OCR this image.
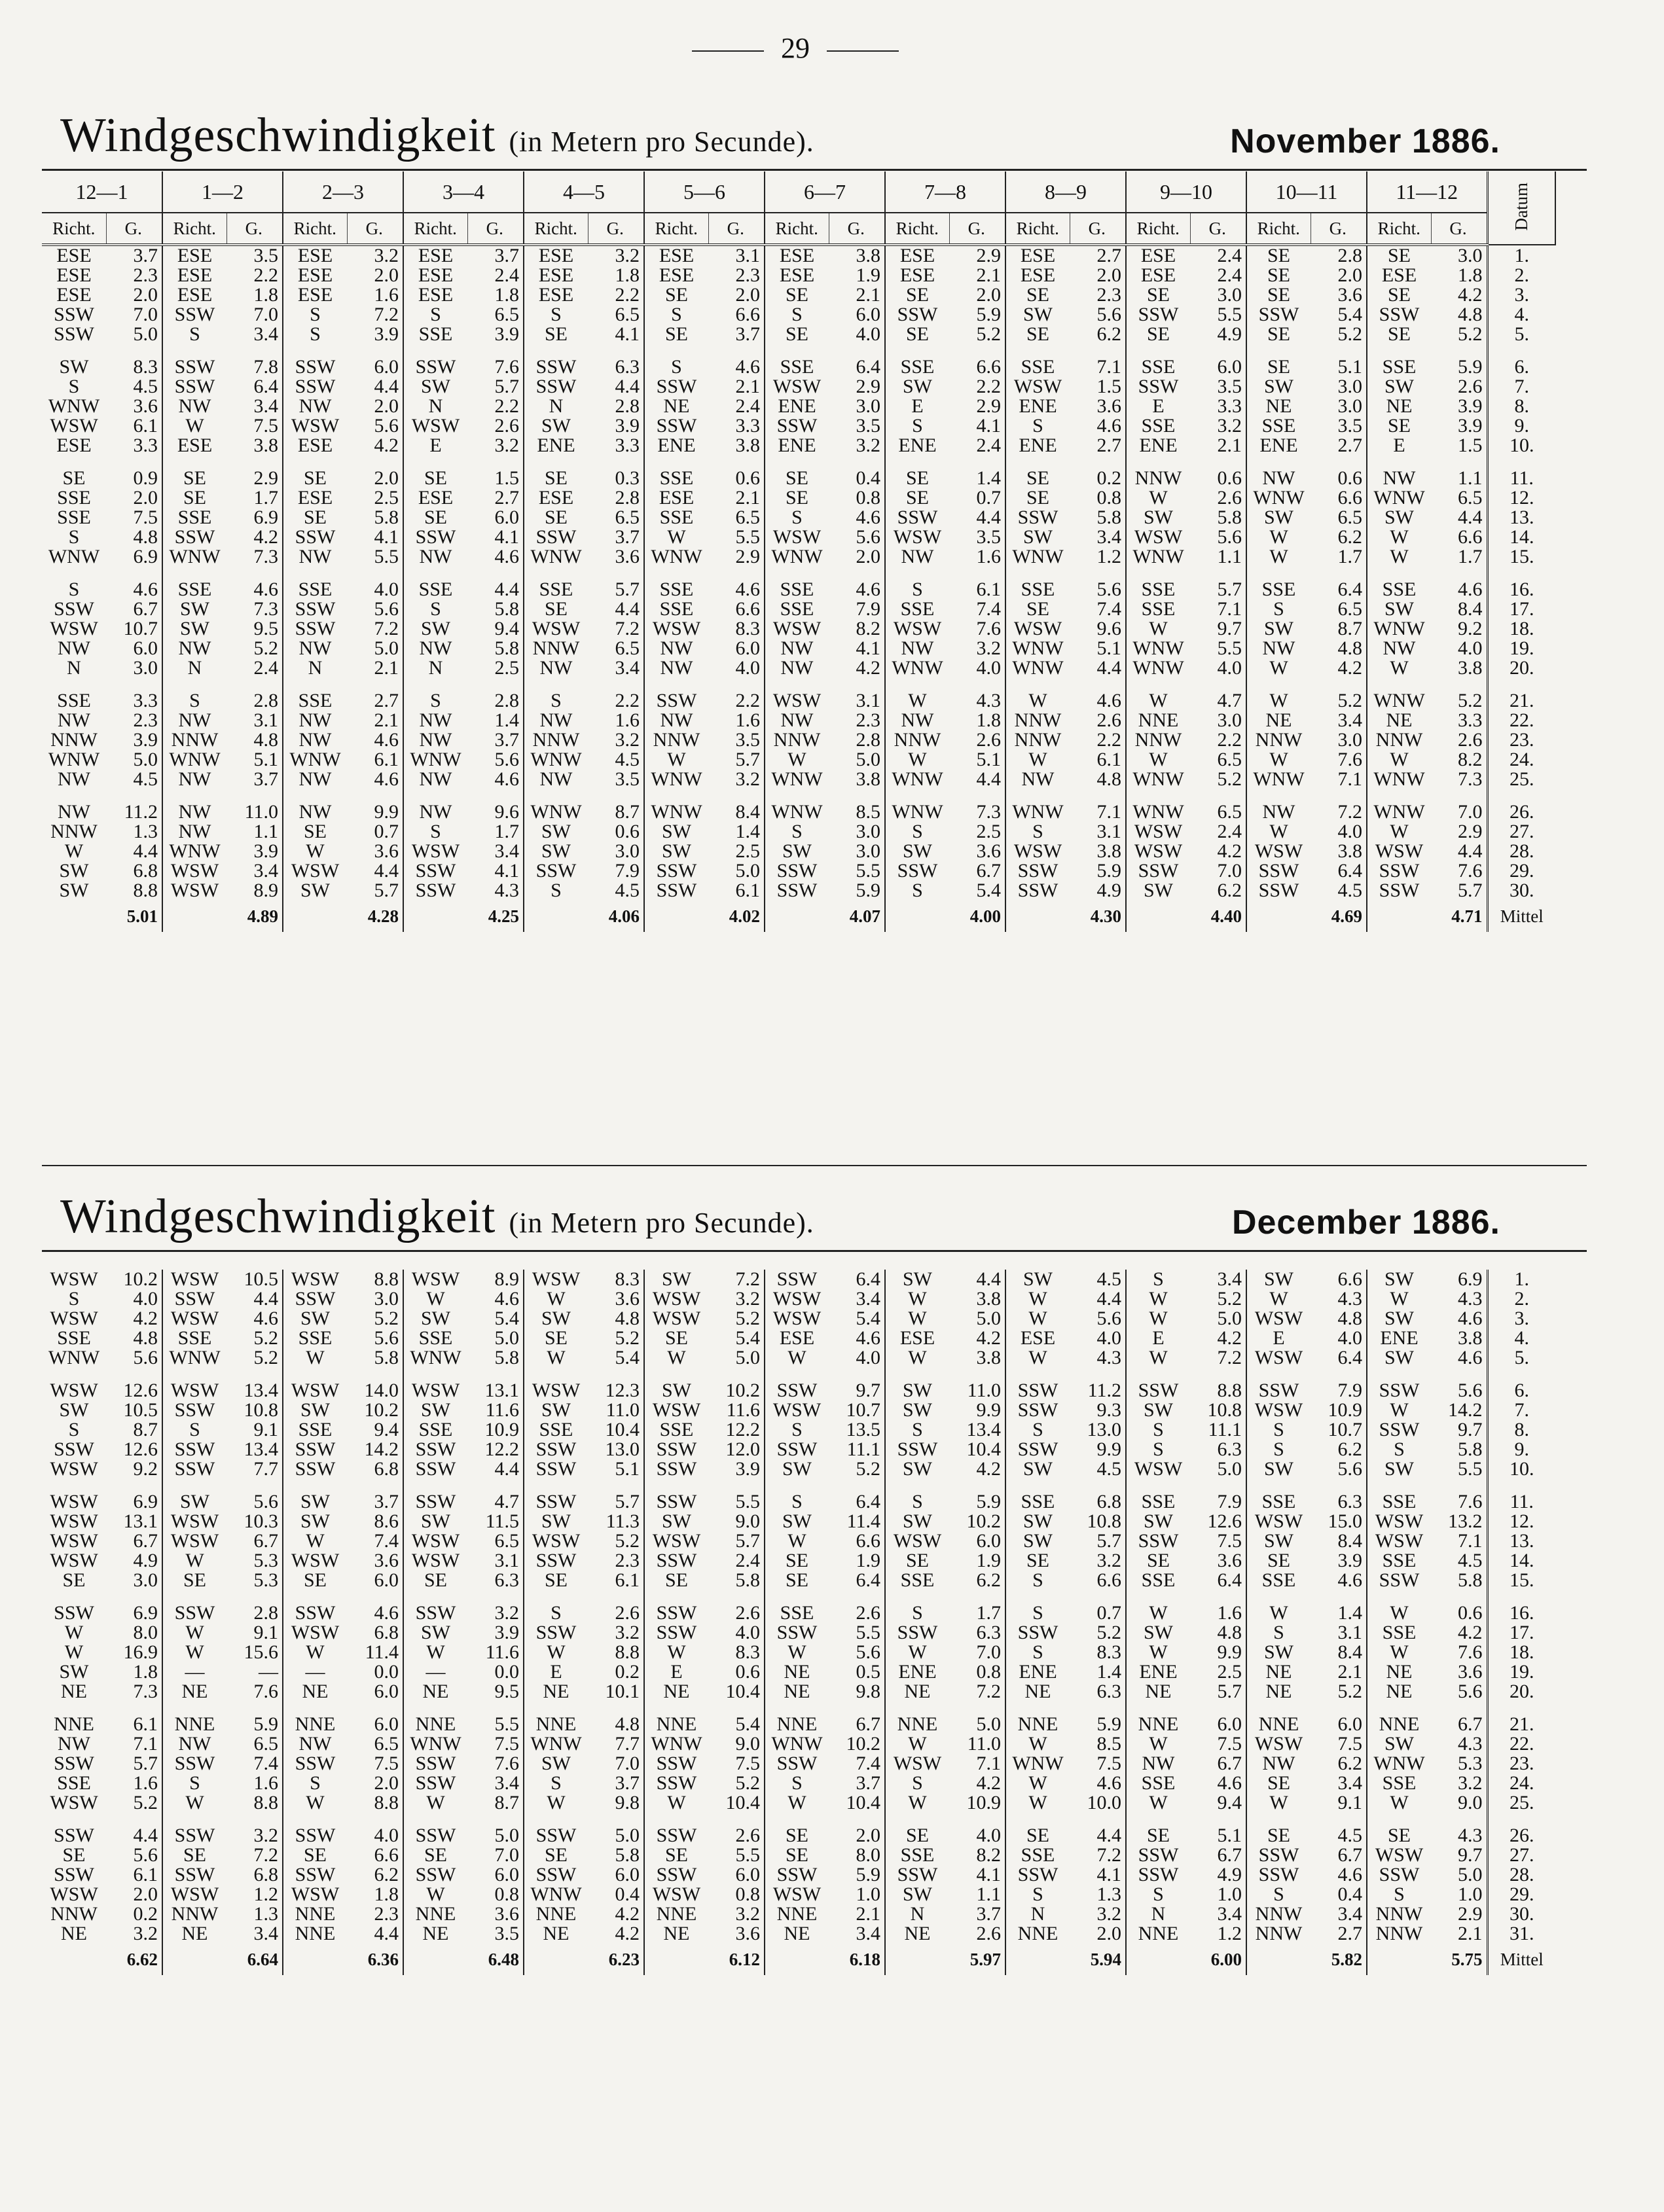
29
Windgeschwindigkeit (in Metern pro Secunde).	November 1886.
12—1		1—2		2—3		3—4		4—5		5—6		6—7		7—8		8—9		9—10		10—11		11—12		Datum
Richt.	G.	Richt.	G.	Richt.	G.	Richt.	G.	Richt.	G.	Richt.	G.	Richt.	G.	Richt.	G.	Richt.	G.	Richt.	G.	Richt.	G.	Richt.	G.	
ESE	3.7	ESE	3.5	ESE	3.2	ESE	3.7	ESE	3.2	ESE	3.1	ESE	3.8	ESE	2.9	ESE	2.7	ESE	2.4	SE	2.8	SE	3.0	1.
ESE	2.3	ESE	2.2	ESE	2.0	ESE	2.4	ESE	1.8	ESE	2.3	ESE	1.9	ESE	2.1	ESE	2.0	ESE	2.4	SE	2.0	ESE	1.8	2.
ESE	2.0	ESE	1.8	ESE	1.6	ESE	1.8	ESE	2.2	SE	2.0	SE	2.1	SE	2.0	SE	2.3	SE	3.0	SE	3.6	SE	4.2	3.
SSW	7.0	SSW	7.0	S	7.2	S	6.5	S	6.5	S	6.6	S	6.0	SSW	5.9	SW	5.6	SSW	5.5	SSW	5.4	SSW	4.8	4.
SSW	5.0	S	3.4	S	3.9	SSE	3.9	SE	4.1	SE	3.7	SE	4.0	SE	5.2	SE	6.2	SE	4.9	SE	5.2	SE	5.2	5.

SW	8.3	SSW	7.8	SSW	6.0	SSW	7.6	SSW	6.3	S	4.6	SSE	6.4	SSE	6.6	SSE	7.1	SSE	6.0	SE	5.1	SSE	5.9	6.
S	4.5	SSW	6.4	SSW	4.4	SW	5.7	SSW	4.4	SSW	2.1	WSW	2.9	SW	2.2	WSW	1.5	SSW	3.5	SW	3.0	SW	2.6	7.
WNW	3.6	NW	3.4	NW	2.0	N	2.2	N	2.8	NE	2.4	ENE	3.0	E	2.9	ENE	3.6	E	3.3	NE	3.0	NE	3.9	8.
WSW	6.1	W	7.5	WSW	5.6	WSW	2.6	SW	3.9	SSW	3.3	SSW	3.5	S	4.1	S	4.6	SSE	3.2	SSE	3.5	SE	3.9	9.
ESE	3.3	ESE	3.8	ESE	4.2	E	3.2	ENE	3.3	ENE	3.8	ENE	3.2	ENE	2.4	ENE	2.7	ENE	2.1	ENE	2.7	E	1.5	10.

SE	0.9	SE	2.9	SE	2.0	SE	1.5	SE	0.3	SSE	0.6	SE	0.4	SE	1.4	SE	0.2	NNW	0.6	NW	0.6	NW	1.1	11.
SSE	2.0	SE	1.7	ESE	2.5	ESE	2.7	ESE	2.8	ESE	2.1	SE	0.8	SE	0.7	SE	0.8	W	2.6	WNW	6.6	WNW	6.5	12.
SSE	7.5	SSE	6.9	SE	5.8	SE	6.0	SE	6.5	SSE	6.5	S	4.6	SSW	4.4	SSW	5.8	SW	5.8	SW	6.5	SW	4.4	13.
S	4.8	SSW	4.2	SSW	4.1	SSW	4.1	SSW	3.7	W	5.5	WSW	5.6	WSW	3.5	SW	3.4	WSW	5.6	W	6.2	W	6.6	14.
WNW	6.9	WNW	7.3	NW	5.5	NW	4.6	WNW	3.6	WNW	2.9	WNW	2.0	NW	1.6	WNW	1.2	WNW	1.1	W	1.7	W	1.7	15.

S	4.6	SSE	4.6	SSE	4.0	SSE	4.4	SSE	5.7	SSE	4.6	SSE	4.6	S	6.1	SSE	5.6	SSE	5.7	SSE	6.4	SSE	4.6	16.
SSW	6.7	SW	7.3	SSW	5.6	S	5.8	SE	4.4	SSE	6.6	SSE	7.9	SSE	7.4	SE	7.4	SSE	7.1	S	6.5	SW	8.4	17.
WSW	10.7	SW	9.5	SSW	7.2	SW	9.4	WSW	7.2	WSW	8.3	WSW	8.2	WSW	7.6	WSW	9.6	W	9.7	SW	8.7	WNW	9.2	18.
NW	6.0	NW	5.2	NW	5.0	NW	5.8	NNW	6.5	NW	6.0	NW	4.1	NW	3.2	WNW	5.1	WNW	5.5	NW	4.8	NW	4.0	19.
N	3.0	N	2.4	N	2.1	N	2.5	NW	3.4	NW	4.0	NW	4.2	WNW	4.0	WNW	4.4	WNW	4.0	W	4.2	W	3.8	20.

SSE	3.3	S	2.8	SSE	2.7	S	2.8	S	2.2	SSW	2.2	WSW	3.1	W	4.3	W	4.6	W	4.7	W	5.2	WNW	5.2	21.
NW	2.3	NW	3.1	NW	2.1	NW	1.4	NW	1.6	NW	1.6	NW	2.3	NW	1.8	NNW	2.6	NNE	3.0	NE	3.4	NE	3.3	22.
NNW	3.9	NNW	4.8	NW	4.6	NW	3.7	NNW	3.2	NNW	3.5	NNW	2.8	NNW	2.6	NNW	2.2	NNW	2.2	NNW	3.0	NNW	2.6	23.
WNW	5.0	WNW	5.1	WNW	6.1	WNW	5.6	WNW	4.5	W	5.7	W	5.0	W	5.1	W	6.1	W	6.5	W	7.6	W	8.2	24.
NW	4.5	NW	3.7	NW	4.6	NW	4.6	NW	3.5	WNW	3.2	WNW	3.8	WNW	4.4	NW	4.8	WNW	5.2	WNW	7.1	WNW	7.3	25.

NW	11.2	NW	11.0	NW	9.9	NW	9.6	WNW	8.7	WNW	8.4	WNW	8.5	WNW	7.3	WNW	7.1	WNW	6.5	NW	7.2	WNW	7.0	26.
NNW	1.3	NW	1.1	SE	0.7	S	1.7	SW	0.6	SW	1.4	S	3.0	S	2.5	S	3.1	WSW	2.4	W	4.0	W	2.9	27.
W	4.4	WNW	3.9	W	3.6	WSW	3.4	SW	3.0	SW	2.5	SW	3.0	SW	3.6	WSW	3.8	WSW	4.2	WSW	3.8	WSW	4.4	28.
SW	6.8	WSW	3.4	WSW	4.4	SSW	4.1	SSW	7.9	SSW	5.0	SSW	5.5	SSW	6.7	SSW	5.9	SSW	7.0	SSW	6.4	SSW	7.6	29.
SW	8.8	WSW	8.9	SW	5.7	SSW	4.3	S	4.5	SSW	6.1	SSW	5.9	S	5.4	SSW	4.9	SW	6.2	SSW	4.5	SSW	5.7	30.
	5.01		4.89		4.28		4.25		4.06		4.02		4.07		4.00		4.30		4.40		4.69		4.71	Mittel
Windgeschwindigkeit (in Metern pro Secunde).	December 1886.
WSW	10.2	WSW	10.5	WSW	8.8	WSW	8.9	WSW	8.3	SW	7.2	SSW	6.4	SW	4.4	SW	4.5	S	3.4	SW	6.6	SW	6.9	1.
S	4.0	SSW	4.4	SSW	3.0	W	4.6	W	3.6	WSW	3.2	WSW	3.4	W	3.8	W	4.4	W	5.2	W	4.3	W	4.3	2.
WSW	4.2	WSW	4.6	SW	5.2	SW	5.4	SW	4.8	WSW	5.2	WSW	5.4	W	5.0	W	5.6	W	5.0	WSW	4.8	SW	4.6	3.
SSE	4.8	SSE	5.2	SSE	5.6	SSE	5.0	SE	5.2	SE	5.4	ESE	4.6	ESE	4.2	ESE	4.0	E	4.2	E	4.0	ENE	3.8	4.
WNW	5.6	WNW	5.2	W	5.8	WNW	5.8	W	5.4	W	5.0	W	4.0	W	3.8	W	4.3	W	7.2	WSW	6.4	SW	4.6	5.

WSW	12.6	WSW	13.4	WSW	14.0	WSW	13.1	WSW	12.3	SW	10.2	SSW	9.7	SW	11.0	SSW	11.2	SSW	8.8	SSW	7.9	SSW	5.6	6.
SW	10.5	SSW	10.8	SW	10.2	SW	11.6	SW	11.0	WSW	11.6	WSW	10.7	SW	9.9	SSW	9.3	SW	10.8	WSW	10.9	W	14.2	7.
S	8.7	S	9.1	SSE	9.4	SSE	10.9	SSE	10.4	SSE	12.2	S	13.5	S	13.4	S	13.0	S	11.1	S	10.7	SSW	9.7	8.
SSW	12.6	SSW	13.4	SSW	14.2	SSW	12.2	SSW	13.0	SSW	12.0	SSW	11.1	SSW	10.4	SSW	9.9	S	6.3	S	6.2	S	5.8	9.
WSW	9.2	SSW	7.7	SSW	6.8	SSW	4.4	SSW	5.1	SSW	3.9	SW	5.2	SW	4.2	SW	4.5	WSW	5.0	SW	5.6	SW	5.5	10.

WSW	6.9	SW	5.6	SW	3.7	SSW	4.7	SSW	5.7	SSW	5.5	S	6.4	S	5.9	SSE	6.8	SSE	7.9	SSE	6.3	SSE	7.6	11.
WSW	13.1	WSW	10.3	SW	8.6	SW	11.5	SW	11.3	SW	9.0	SW	11.4	SW	10.2	SW	10.8	SW	12.6	WSW	15.0	WSW	13.2	12.
WSW	6.7	WSW	6.7	W	7.4	WSW	6.5	WSW	5.2	WSW	5.7	W	6.6	WSW	6.0	SW	5.7	SSW	7.5	SW	8.4	WSW	7.1	13.
WSW	4.9	W	5.3	WSW	3.6	WSW	3.1	SSW	2.3	SSW	2.4	SE	1.9	SE	1.9	SE	3.2	SE	3.6	SE	3.9	SSE	4.5	14.
SE	3.0	SE	5.3	SE	6.0	SE	6.3	SE	6.1	SE	5.8	SE	6.4	SSE	6.2	S	6.6	SSE	6.4	SSE	4.6	SSW	5.8	15.

SSW	6.9	SSW	2.8	SSW	4.6	SSW	3.2	S	2.6	SSW	2.6	SSE	2.6	S	1.7	S	0.7	W	1.6	W	1.4	W	0.6	16.
W	8.0	W	9.1	WSW	6.8	SW	3.9	SSW	3.2	SSW	4.0	SSW	5.5	SSW	6.3	SSW	5.2	SW	4.8	S	3.1	SSE	4.2	17.
W	16.9	W	15.6	W	11.4	W	11.6	W	8.8	W	8.3	W	5.6	W	7.0	S	8.3	W	9.9	SW	8.4	W	7.6	18.
SW	1.8	—	—	—	0.0	—	0.0	E	0.2	E	0.6	NE	0.5	ENE	0.8	ENE	1.4	ENE	2.5	NE	2.1	NE	3.6	19.
NE	7.3	NE	7.6	NE	6.0	NE	9.5	NE	10.1	NE	10.4	NE	9.8	NE	7.2	NE	6.3	NE	5.7	NE	5.2	NE	5.6	20.

NNE	6.1	NNE	5.9	NNE	6.0	NNE	5.5	NNE	4.8	NNE	5.4	NNE	6.7	NNE	5.0	NNE	5.9	NNE	6.0	NNE	6.0	NNE	6.7	21.
NW	7.1	NW	6.5	NW	6.5	WNW	7.5	WNW	7.7	WNW	9.0	WNW	10.2	W	11.0	W	8.5	W	7.5	WSW	7.5	SW	4.3	22.
SSW	5.7	SSW	7.4	SSW	7.5	SSW	7.6	SW	7.0	SSW	7.5	SSW	7.4	WSW	7.1	WNW	7.5	NW	6.7	NW	6.2	WNW	5.3	23.
SSE	1.6	S	1.6	S	2.0	SSW	3.4	S	3.7	SSW	5.2	S	3.7	S	4.2	W	4.6	SSE	4.6	SE	3.4	SSE	3.2	24.
WSW	5.2	W	8.8	W	8.8	W	8.7	W	9.8	W	10.4	W	10.4	W	10.9	W	10.0	W	9.4	W	9.1	W	9.0	25.

SSW	4.4	SSW	3.2	SSW	4.0	SSW	5.0	SSW	5.0	SSW	2.6	SE	2.0	SE	4.0	SE	4.4	SE	5.1	SE	4.5	SE	4.3	26.
SE	5.6	SE	7.2	SE	6.6	SE	7.0	SE	5.8	SE	5.5	SE	8.0	SSE	8.2	SSE	7.2	SSW	6.7	SSW	6.7	WSW	9.7	27.
SSW	6.1	SSW	6.8	SSW	6.2	SSW	6.0	SSW	6.0	SSW	6.0	SSW	5.9	SSW	4.1	SSW	4.1	SSW	4.9	SSW	4.6	SSW	5.0	28.
WSW	2.0	WSW	1.2	WSW	1.8	W	0.8	WNW	0.4	WSW	0.8	WSW	1.0	SW	1.1	S	1.3	S	1.0	S	0.4	S	1.0	29.
NNW	0.2	NNW	1.3	NNE	2.3	NNE	3.6	NNE	4.2	NNE	3.2	NNE	2.1	N	3.7	N	3.2	N	3.4	NNW	3.4	NNW	2.9	30.
NE	3.2	NE	3.4	NNE	4.4	NE	3.5	NE	4.2	NE	3.6	NE	3.4	NE	2.6	NNE	2.0	NNE	1.2	NNW	2.7	NNW	2.1	31.
	6.62		6.64		6.36		6.48		6.23		6.12		6.18		5.97		5.94		6.00		5.82		5.75	Mittel
